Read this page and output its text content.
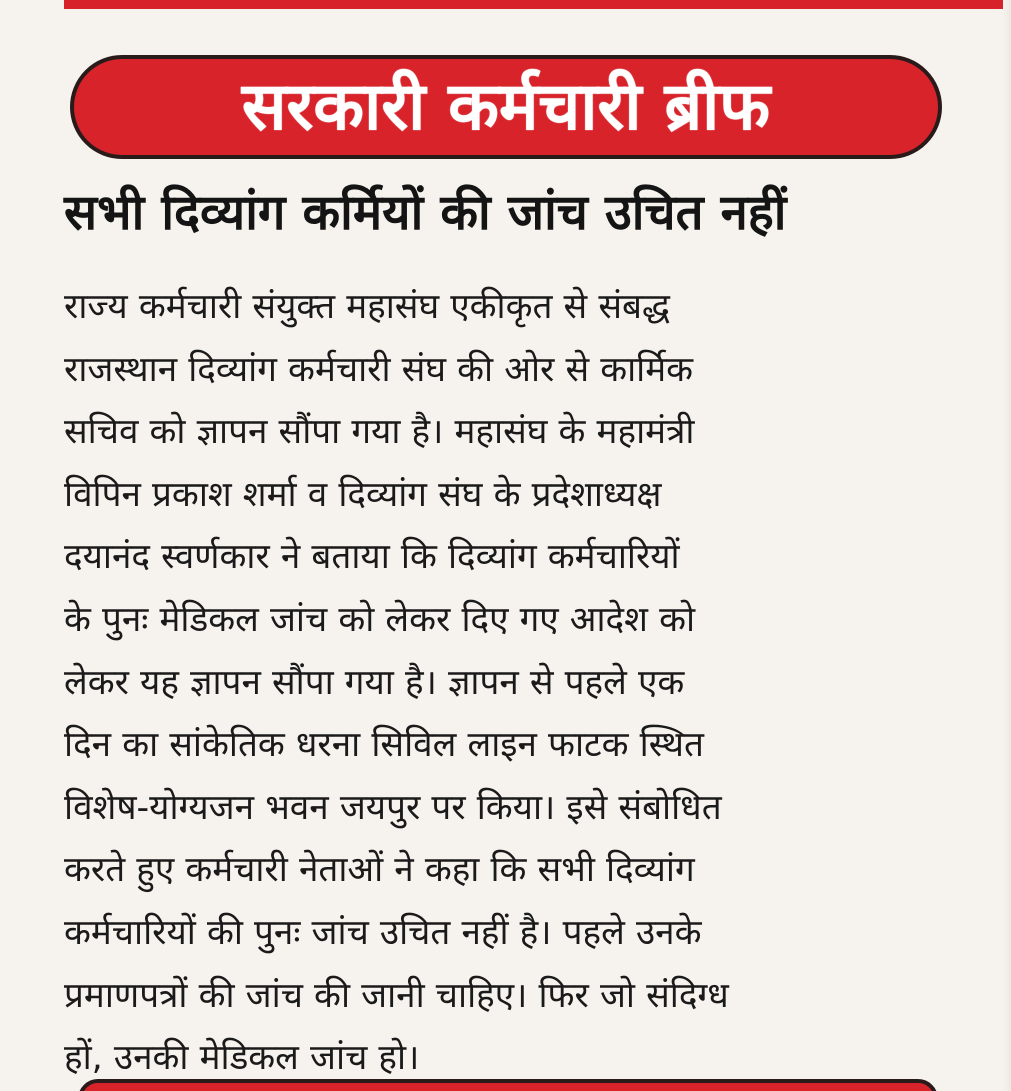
सरकारी कर्मचारी ब्रीफ
सभी दिव्यांग कर्मियों की जांच उचित नहीं
राज्य कर्मचारी संयुक्त महासंघ एकीकृत से संबद्ध
राजस्थान दिव्यांग कर्मचारी संघ की ओर से कार्मिक
सचिव को ज्ञापन सौंपा गया है। महासंघ के महामंत्री
विपिन प्रकाश शर्मा व दिव्यांग संघ के प्रदेशाध्यक्ष
दयानंद स्वर्णकार ने बताया कि दिव्यांग कर्मचारियों
के पुनः मेडिकल जांच को लेकर दिए गए आदेश को
लेकर यह ज्ञापन सौंपा गया है। ज्ञापन से पहले एक
दिन का सांकेतिक धरना सिविल लाइन फाटक स्थित
विशेष-योग्यजन भवन जयपुर पर किया। इसे संबोधित
करते हुए कर्मचारी नेताओं ने कहा कि सभी दिव्यांग
कर्मचारियों की पुनः जांच उचित नहीं है। पहले उनके
प्रमाणपत्रों की जांच की जानी चाहिए। फिर जो संदिग्ध
हों, उनकी मेडिकल जांच हो।
